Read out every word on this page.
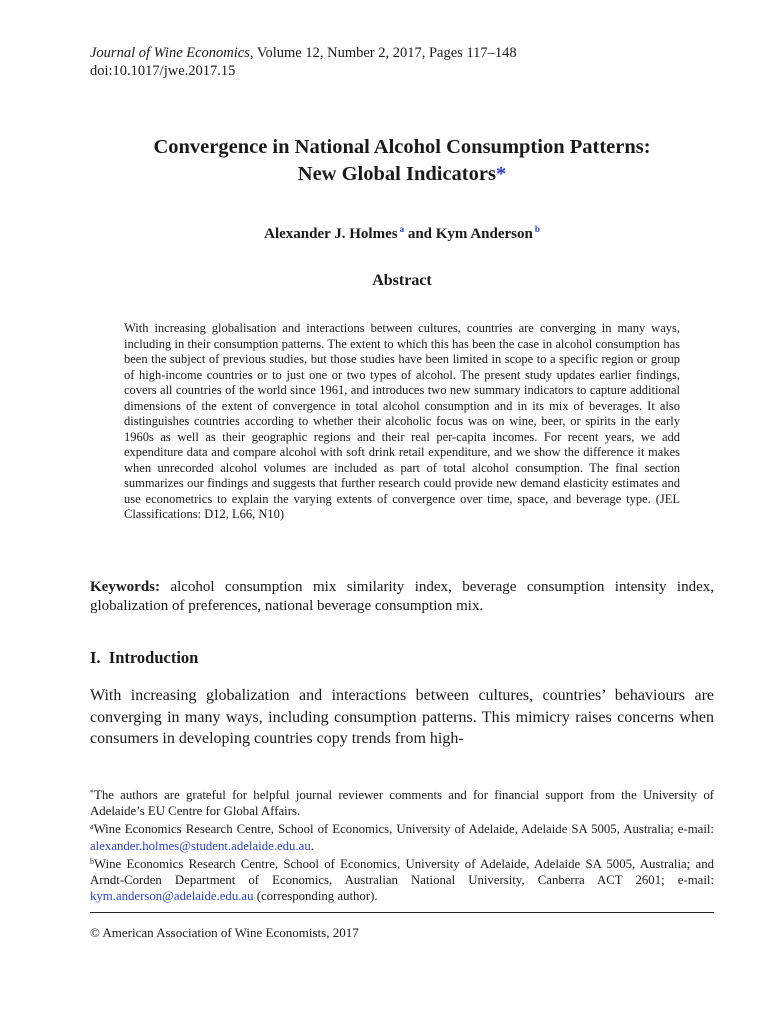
Journal of Wine Economics, Volume 12, Number 2, 2017, Pages 117–148
doi:10.1017/jwe.2017.15
Convergence in National Alcohol Consumption Patterns:
New Global Indicators*
Alexander J. Holmes $^a$ and Kym Anderson $^b$
Abstract
With increasing globalisation and interactions between cultures, countries are converging in many ways, including in their consumption patterns. The extent to which this has been the case in alcohol consumption has been the subject of previous studies, but those studies have been limited in scope to a specific region or group of high-income countries or to just one or two types of alcohol. The present study updates earlier findings, covers all countries of the world since 1961, and introduces two new summary indicators to capture additional dimensions of the extent of convergence in total alcohol consumption and in its mix of beverages. It also distinguishes countries according to whether their alcoholic focus was on wine, beer, or spirits in the early 1960s as well as their geographic regions and their real per-capita incomes. For recent years, we add expenditure data and compare alcohol with soft drink retail expenditure, and we show the difference it makes when unrecorded alcohol volumes are included as part of total alcohol consumption. The final section summarizes our findings and suggests that further research could provide new demand elasticity estimates and use econometrics to explain the varying extents of convergence over time, space, and beverage type. (JEL Classifications: D12, L66, N10)
Keywords: alcohol consumption mix similarity index, beverage consumption intensity index, globalization of preferences, national beverage consumption mix.
I.  Introduction
With increasing globalization and interactions between cultures, countries’ behaviours are converging in many ways, including consumption patterns. This mimicry raises concerns when consumers in developing countries copy trends from high-

*The authors are grateful for helpful journal reviewer comments and for financial support from the University of Adelaide’s EU Centre for Global Affairs.

$^a$Wine Economics Research Centre, School of Economics, University of Adelaide, Adelaide SA 5005, Australia; e-mail: alexander.holmes@student.adelaide.edu.au.

$^b$Wine Economics Research Centre, School of Economics, University of Adelaide, Adelaide SA 5005, Australia; and Arndt-Corden Department of Economics, Australian National University, Canberra ACT 2601; e-mail: kym.anderson@adelaide.edu.au (corresponding author).

© American Association of Wine Economists, 2017
